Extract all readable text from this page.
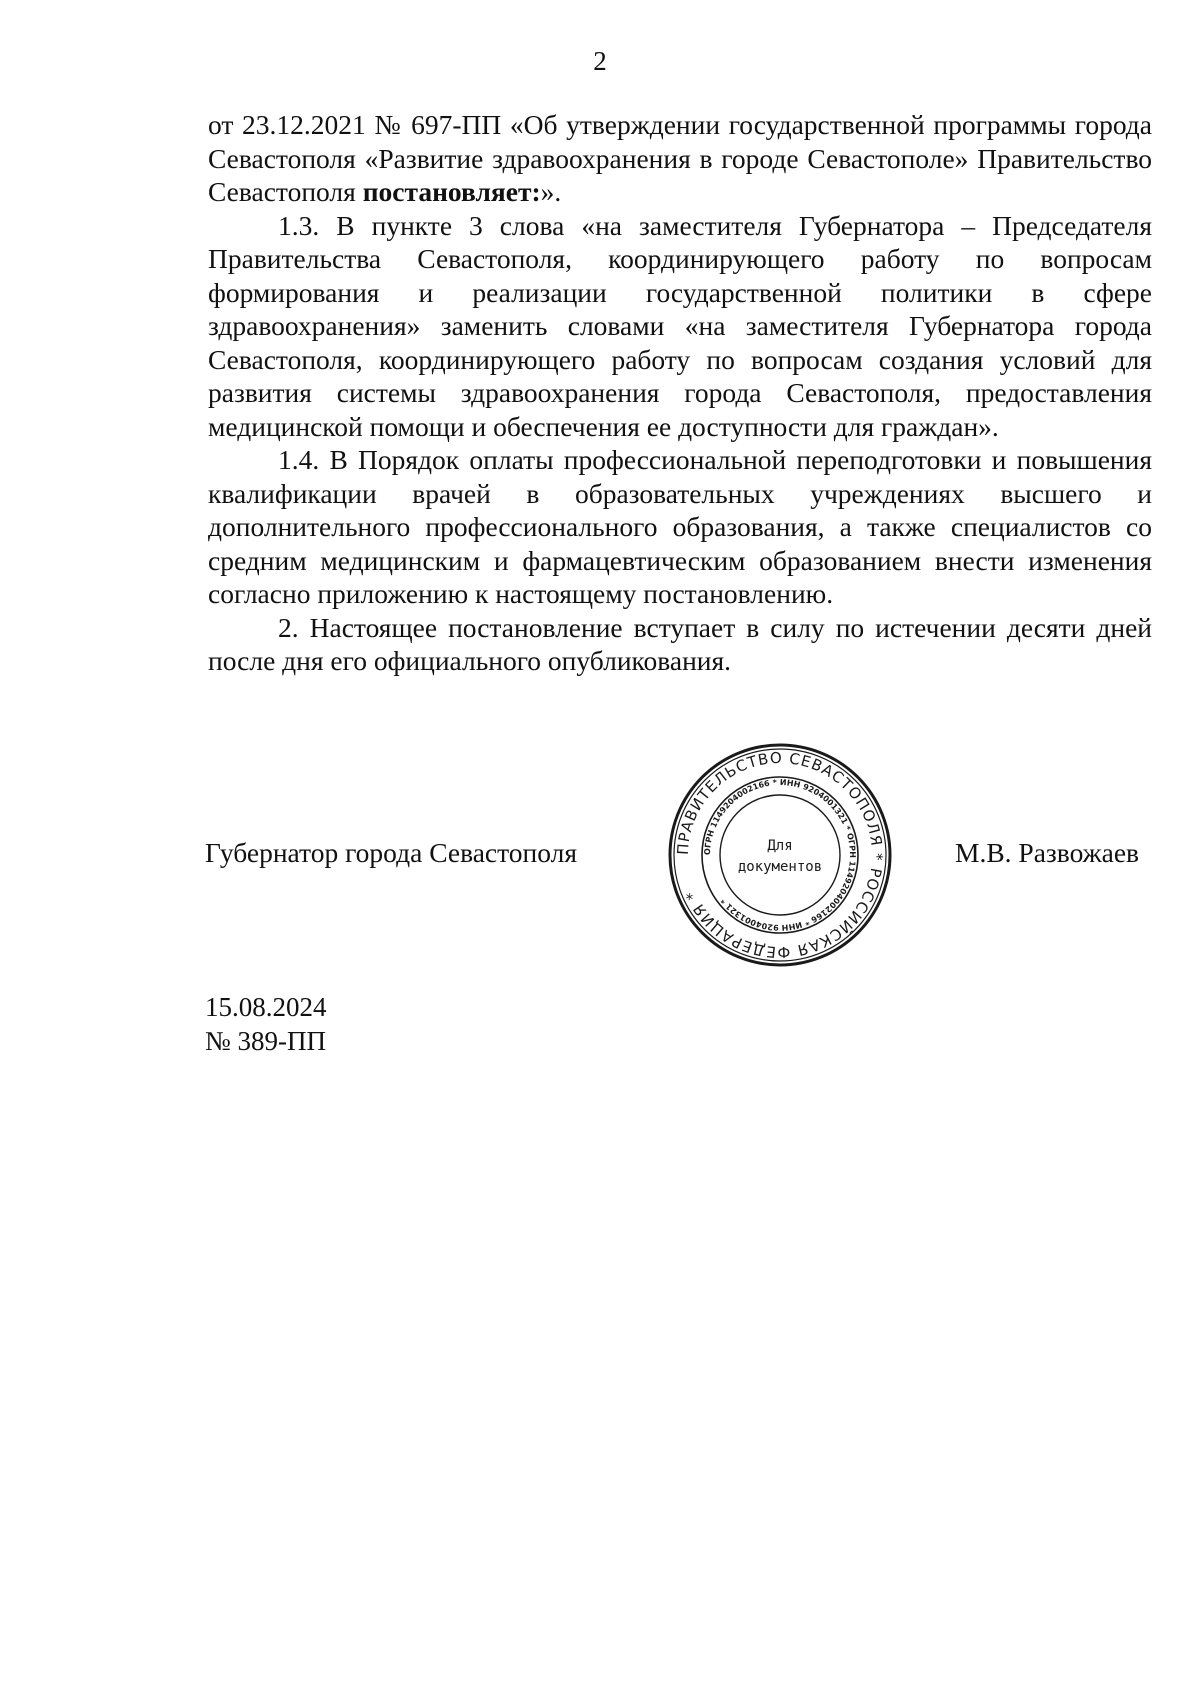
2

от 23.12.2021 № 697-ПП «Об утверждении государственной программы города Севастополя «Развитие здравоохранения в городе Севастополе» Правительство Севастополя постановляет:».

1.3. В пункте 3 слова «на заместителя Губернатора – Председателя Правительства Севастополя, координирующего работу по вопросам формирования и реализации государственной политики в сфере здравоохранения» заменить словами «на заместителя Губернатора города Севастополя, координирующего работу по вопросам создания условий для развития системы здравоохранения города Севастополя, предоставления медицинской помощи и обеспечения ее доступности для граждан».

1.4. В Порядок оплаты профессиональной переподготовки и повышения квалификации врачей в образовательных учреждениях высшего и дополнительного профессионального образования, а также специалистов со средним медицинским и фармацевтическим образованием внести изменения согласно приложению к настоящему постановлению.

2. Настоящее постановление вступает в силу по истечении десяти дней после дня его официального опубликования.

Губернатор города Севастополя	ПРАВИТЕЛЬСТВО СЕВАСТОПОЛЯ * РОССИЙСКАЯ ФЕДЕРАЦИЯ *
ОГРН 1149204002166 * ИНН 9204001321 * ОГРН 1149204002166 * ИНН 9204001321 *
Для
документов	М.В. Развожаев
15.08.2024
№ 389-ПП
